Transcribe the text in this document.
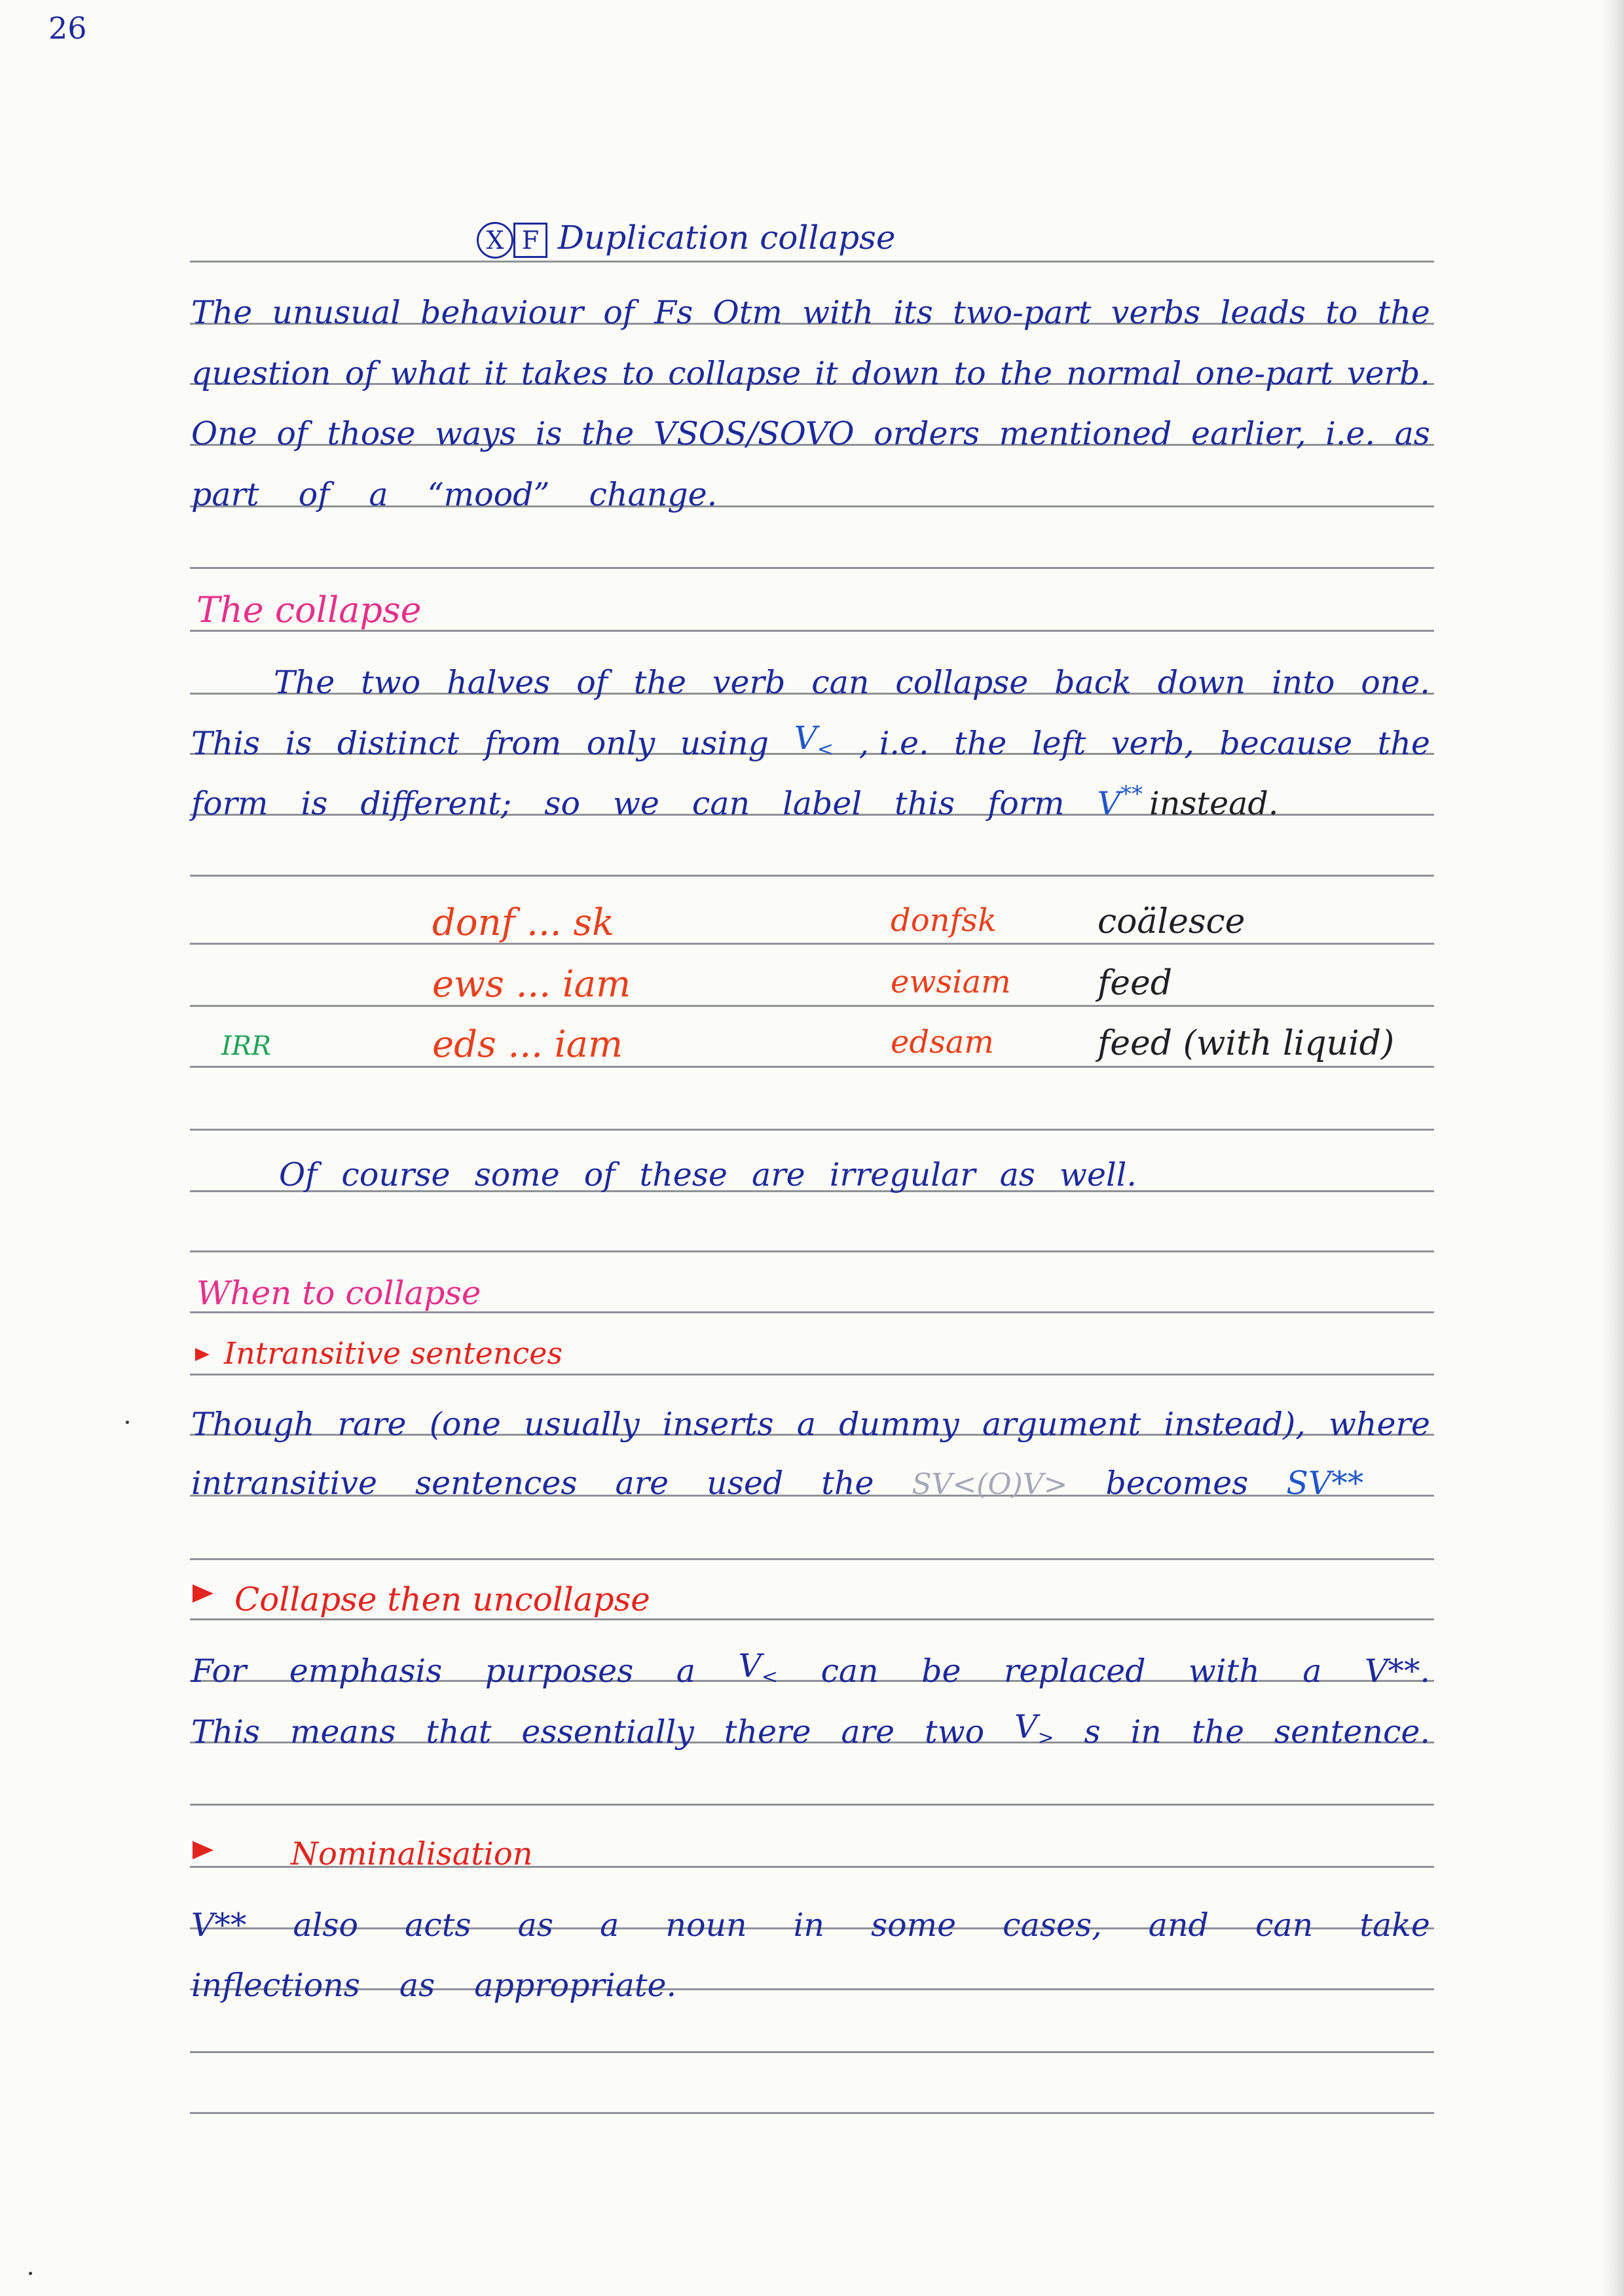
26
X F Duplication collapse
The unusual behaviour of Fs Otm with its two-part verbs leads to the
question of what it takes to collapse it down to the normal one-part verb.
One of those ways is the VSOS/SOVO orders mentioned earlier, i.e. as
part of a “mood” change.
The collapse
The two halves of the verb can collapse back down into one.
This is distinct from only using $V_<$ , i.e. the left verb, because the
form is different; so we can label this form V** instead.
donf ... sk	donfsk	coälesce
ews ... iam	ewsiam	feed
IRR	eds ... iam	edsam	feed (with liquid)
Of course some of these are irregular as well.
When to collapse
Intransitive sentences
Though rare (one usually inserts a dummy argument instead), where
intransitive sentences are used the SV<(O)V> becomes SV**
Collapse then uncollapse
For emphasis purposes a $V_<$ can be replaced with a V**.
This means that essentially there are two $V_>$ s in the sentence.
Nominalisation
V** also acts as a noun in some cases, and can take
inflections as appropriate.
